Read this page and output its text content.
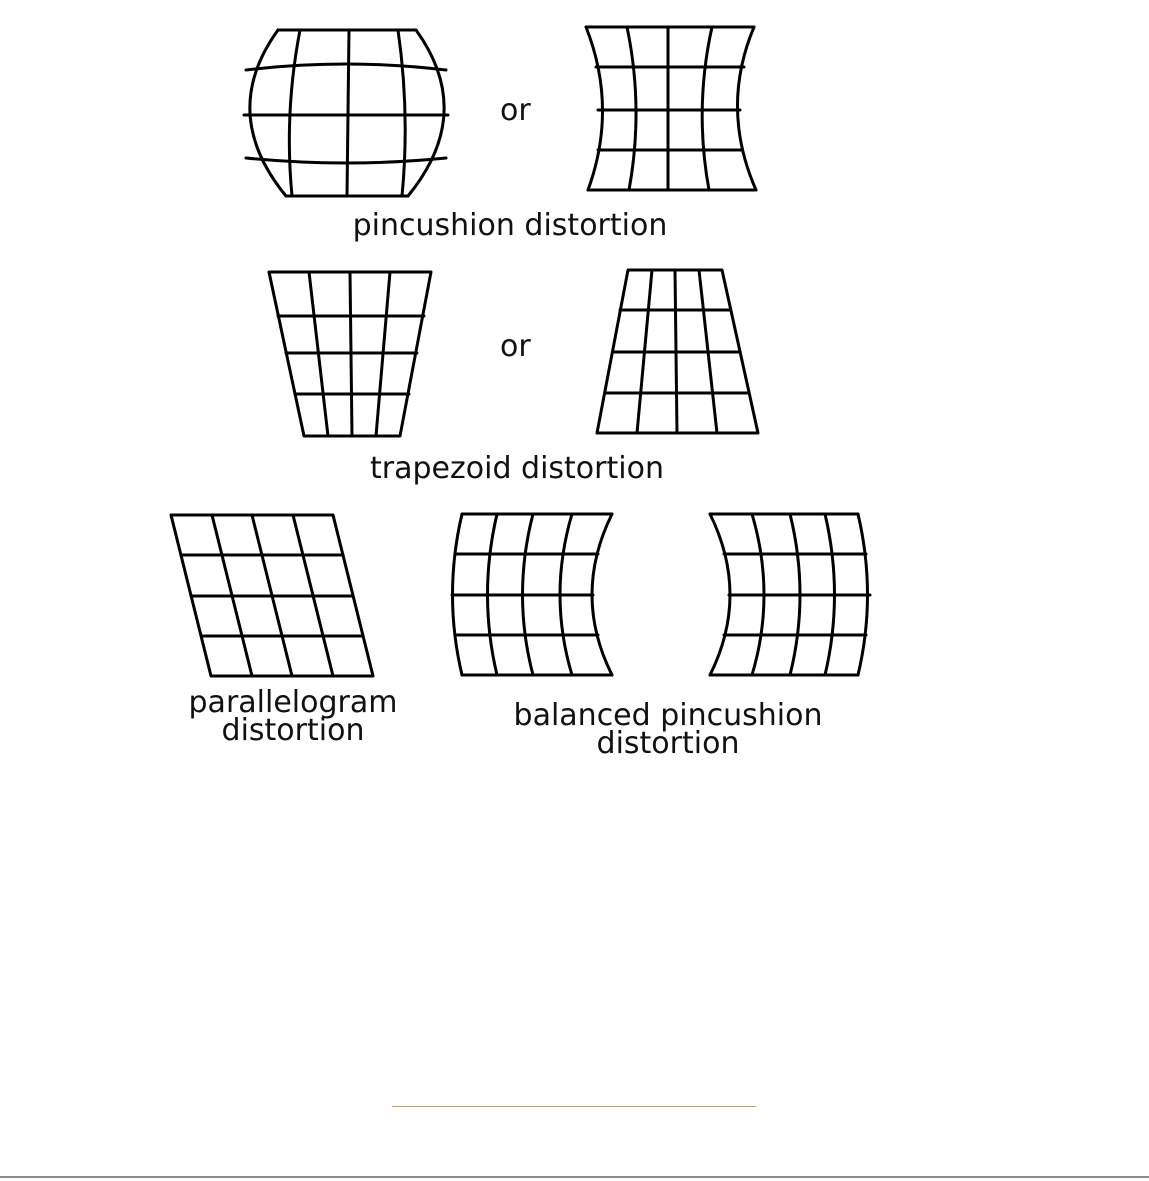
or
pincushion distortion
or
trapezoid distortion
parallelogram
distortion	balanced pincushion
distortion
